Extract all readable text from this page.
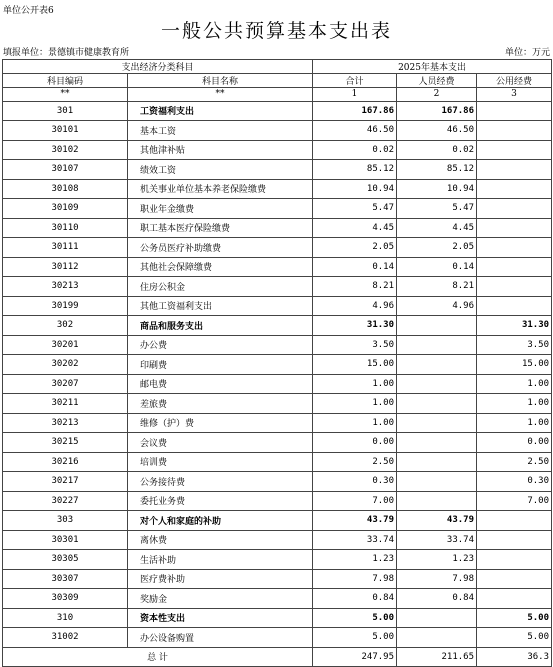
单位公开表6
一般公共预算基本支出表
填报单位：景德镇市健康教育所	单位：万元
支出经济分类科目		2025年基本支出		
科目编码	科目名称	合计	人员经费	公用经费
**	**	1	2	3
301	工资福利支出	167.86	167.86	
30101	基本工资	46.50	46.50	
30102	其他津补贴	0.02	0.02	
30107	绩效工资	85.12	85.12	
30108	机关事业单位基本养老保险缴费	10.94	10.94	
30109	职业年金缴费	5.47	5.47	
30110	职工基本医疗保险缴费	4.45	4.45	
30111	公务员医疗补助缴费	2.05	2.05	
30112	其他社会保障缴费	0.14	0.14	
30213	住房公积金	8.21	8.21	
30199	其他工资福利支出	4.96	4.96	
302	商品和服务支出	31.30		31.30
30201	办公费	3.50		3.50
30202	印刷费	15.00		15.00
30207	邮电费	1.00		1.00
30211	差旅费	1.00		1.00
30213	维修（护）费	1.00		1.00
30215	会议费	0.00		0.00
30216	培训费	2.50		2.50
30217	公务接待费	0.30		0.30
30227	委托业务费	7.00		7.00
303	对个人和家庭的补助	43.79	43.79	
30301	离休费	33.74	33.74	
30305	生活补助	1.23	1.23	
30307	医疗费补助	7.98	7.98	
30309	奖励金	0.84	0.84	
310	资本性支出	5.00		5.00
31002	办公设备购置	5.00		5.00
总 计		247.95	211.65	36.3
